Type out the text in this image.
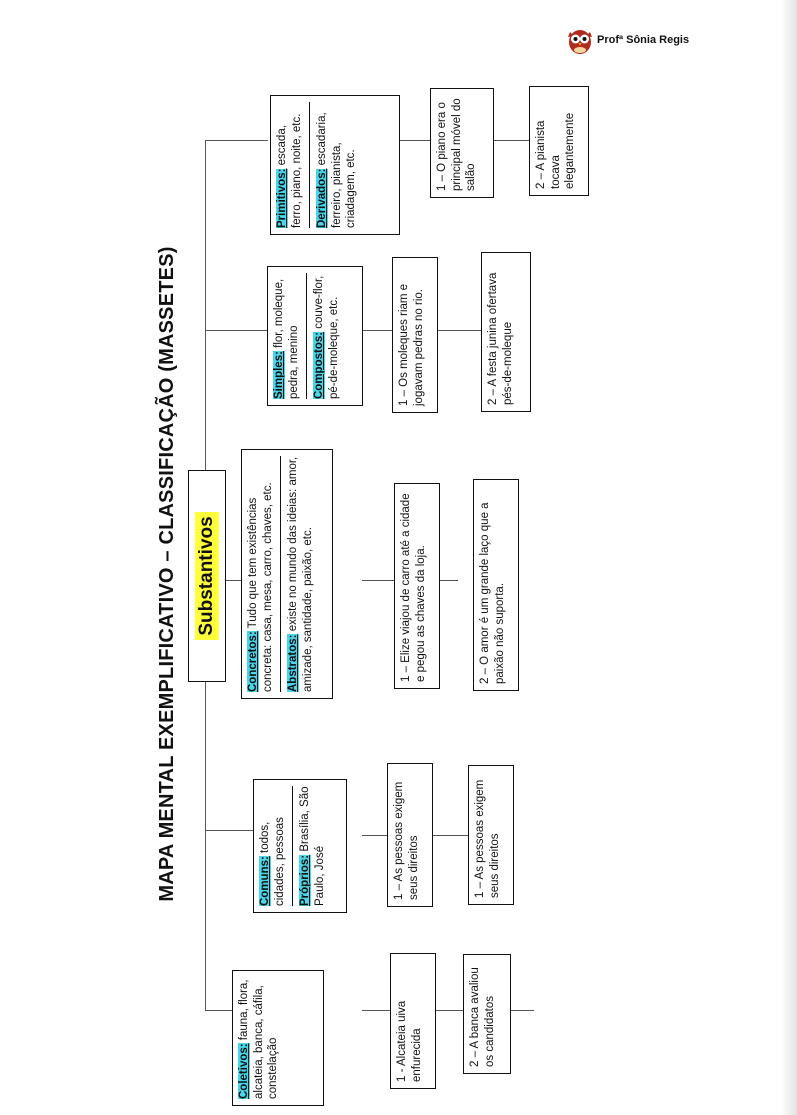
Profª Sônia Regis
MAPA MENTAL EXEMPLIFICATIVO – CLASSIFICAÇÃO (MASSETES) Substantivos
Coletivos: fauna, flora, alcateia, banca, cáfila, constelação	1 - Alcateia uiva enfurecida	2 – A banca avaliou os candidatos
Comuns: todos, cidades, pessoas Próprios: Brasília, São Paulo, José	1 – As pessoas exigem seus direitos	1 – As pessoas exigem seus direitos
Concretos: Tudo que tem existências concreta: casa, mesa, carro, chaves, etc. Abstratos: existe no mundo das ideias: amor, amizade, santidade, paixão, etc.	1 – Elize viajou de carro até a cidade e pegou as chaves da loja.	2 – O amor é um grande laço que a paixão não suporta.
Simples: flor, moleque, pedra, menino Compostos: couve-flor, pé-de-moleque, etc.	1 – Os moleques riam e jogavam pedras no rio.	2 – A festa junina ofertava pés-de-moleque
Primitivos: escada, ferro, piano, noite, etc. Derivados: escadaria, ferreiro, pianista, criadagem, etc.	1 – O piano era o principal móvel do salão	2 – A pianista tocava elegantemente
